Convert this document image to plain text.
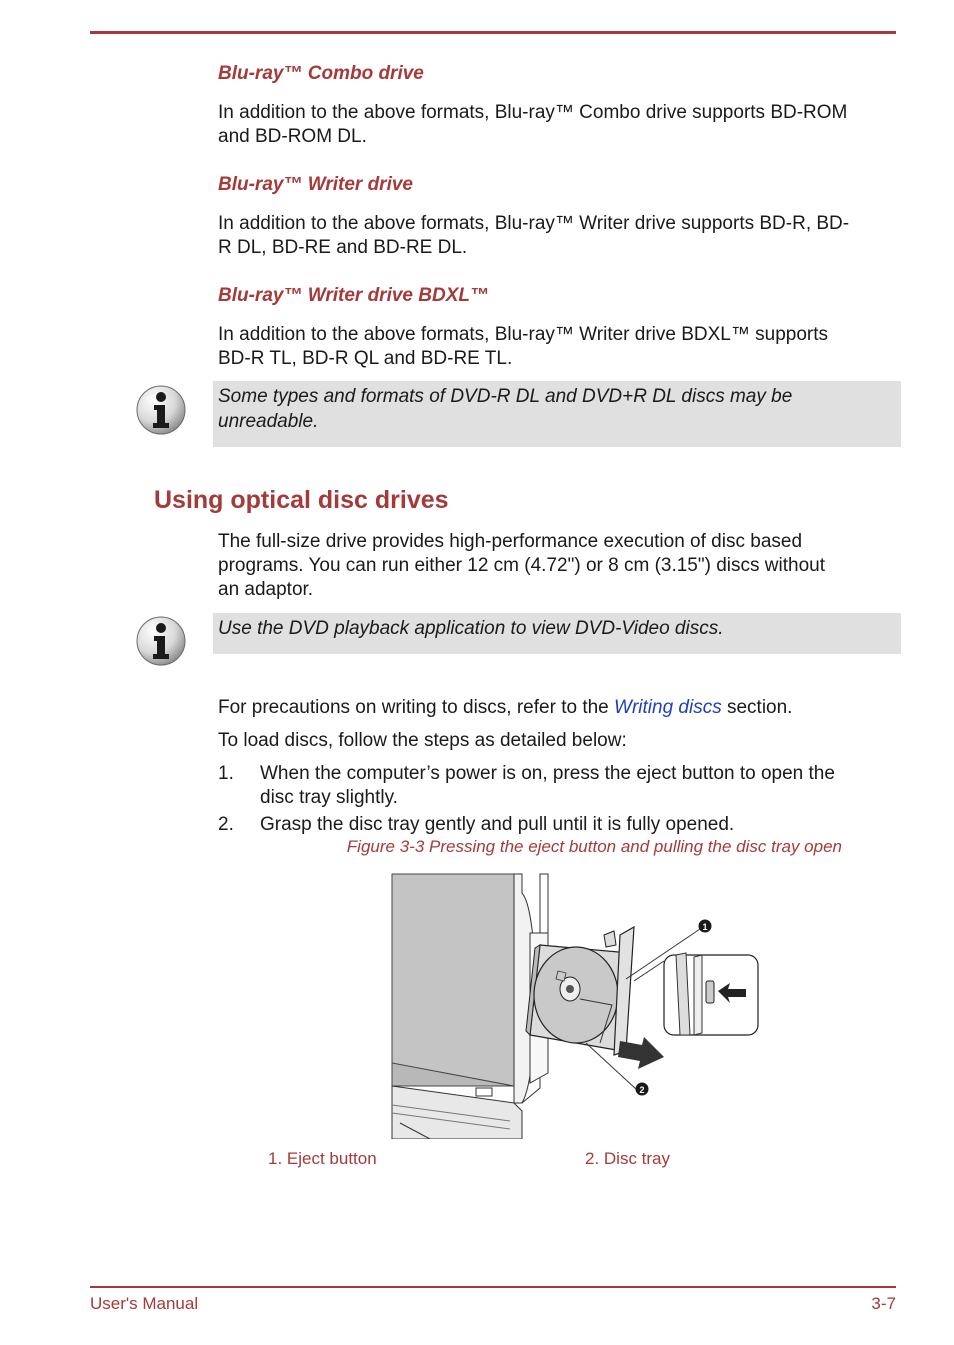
Blu-ray™ Combo drive

In addition to the above formats, Blu-ray™ Combo drive supports BD-ROM
and BD-ROM DL.

Blu-ray™ Writer drive

In addition to the above formats, Blu-ray™ Writer drive supports BD-R, BD-
R DL, BD-RE and BD-RE DL.

Blu-ray™ Writer drive BDXL™

In addition to the above formats, Blu-ray™ Writer drive BDXL™ supports
BD-R TL, BD-R QL and BD-RE TL.

Some types and formats of DVD-R DL and DVD+R DL discs may be
unreadable.

Using optical disc drives
The full-size drive provides high-performance execution of disc based
programs. You can run either 12 cm (4.72") or 8 cm (3.15") discs without
an adaptor.

Use the DVD playback application to view DVD-Video discs.

For precautions on writing to discs, refer to the Writing discs section.

To load discs, follow the steps as detailed below:

1. When the computer’s power is on, press the eject button to open the
disc tray slightly.

2. Grasp the disc tray gently and pull until it is fully opened.

Figure 3-3 Pressing the eject button and pulling the disc tray open

1
2

1. Eject button	2. Disc tray

User's Manual	3-7
